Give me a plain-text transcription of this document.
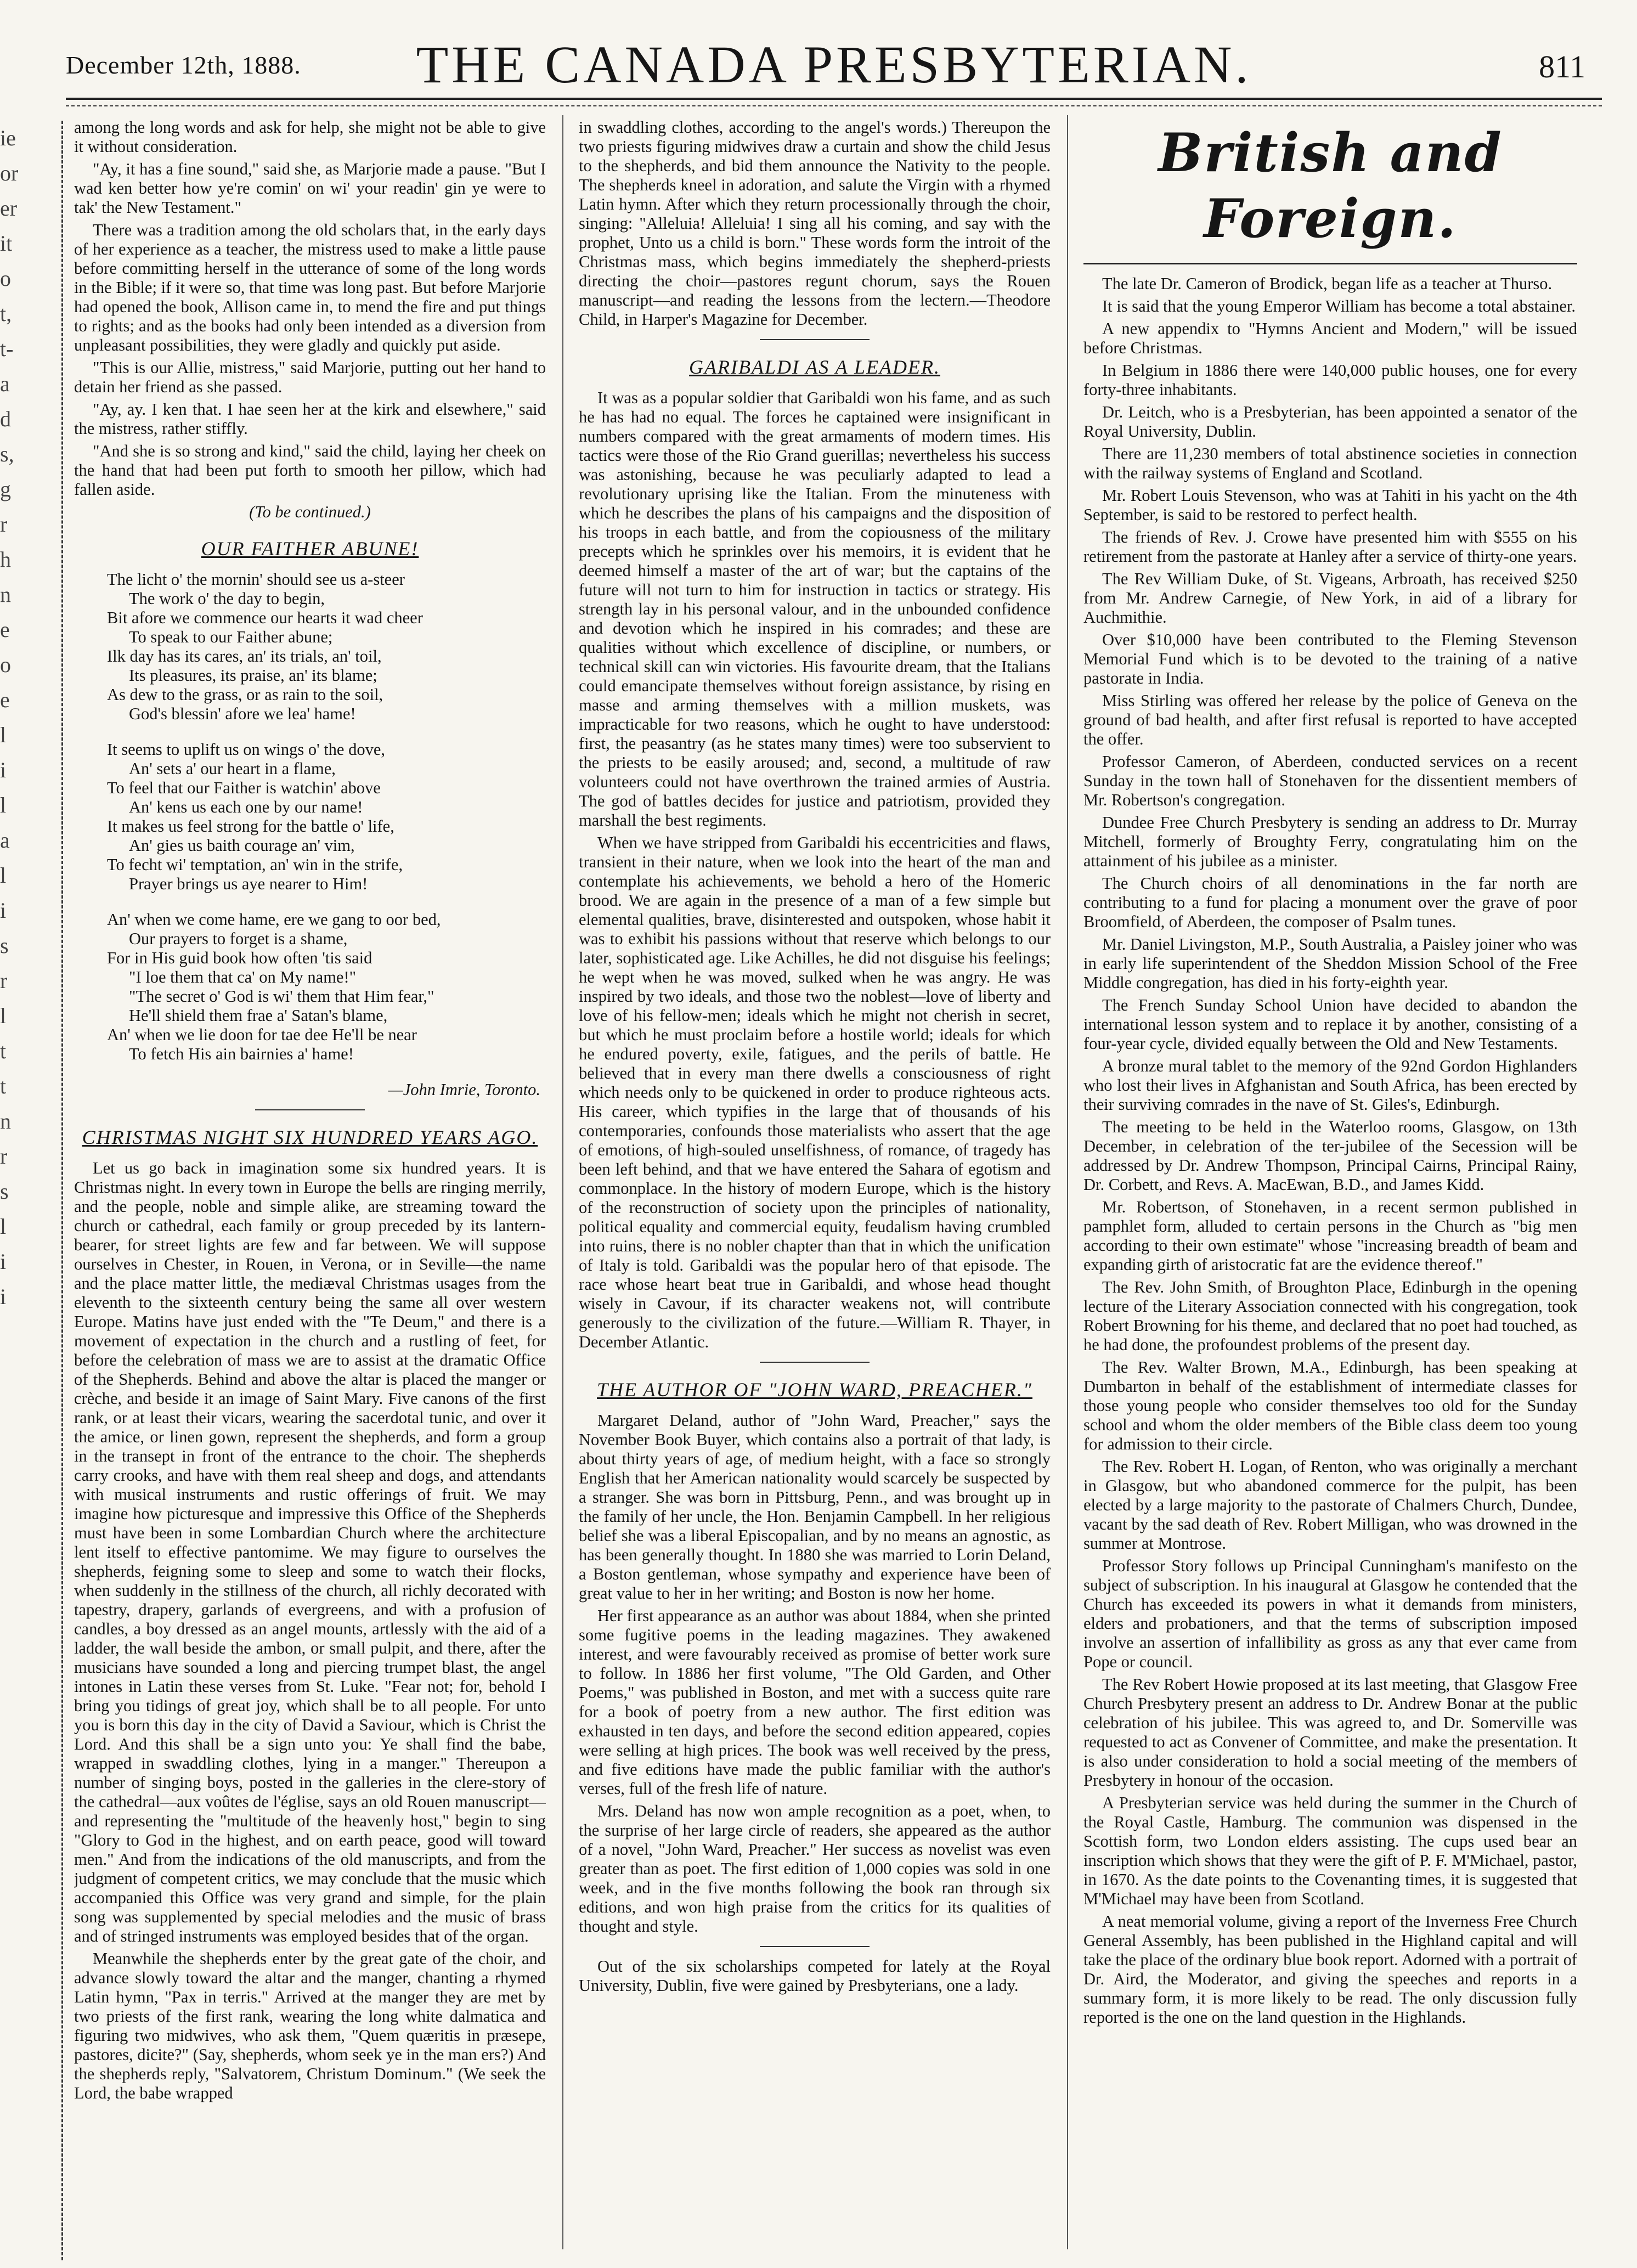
ie
or
er
it
o
t,
t-
a
d
s,
g
r
h
n
e
o
e
l
i
l
a
l
i
s
r
l
t
t
n
r
s
l
i
i
December 12th, 1888.	THE CANADA PRESBYTERIAN.	811

among the long words and ask for help, she might not be able to give it without consideration.

"Ay, it has a fine sound," said she, as Marjorie made a pause. "But I wad ken better how ye're comin' on wi' your readin' gin ye were to tak' the New Testament."

There was a tradition among the old scholars that, in the early days of her experience as a teacher, the mistress used to make a little pause before committing herself in the utterance of some of the long words in the Bible; if it were so, that time was long past. But before Marjorie had opened the book, Allison came in, to mend the fire and put things to rights; and as the books had only been intended as a diversion from unpleasant possibilities, they were gladly and quickly put aside.

"This is our Allie, mistress," said Marjorie, putting out her hand to detain her friend as she passed.

"Ay, ay. I ken that. I hae seen her at the kirk and elsewhere," said the mistress, rather stiffly.

"And she is so strong and kind," said the child, laying her cheek on the hand that had been put forth to smooth her pillow, which had fallen aside.

(To be continued.)
OUR FAITHER ABUNE!
The licht o' the mornin' should see us a-steer
The work o' the day to begin,
Bit afore we commence our hearts it wad cheer
To speak to our Faither abune;
Ilk day has its cares, an' its trials, an' toil,
Its pleasures, its praise, an' its blame;
As dew to the grass, or as rain to the soil,
God's blessin' afore we lea' hame!
It seems to uplift us on wings o' the dove,
An' sets a' our heart in a flame,
To feel that our Faither is watchin' above
An' kens us each one by our name!
It makes us feel strong for the battle o' life,
An' gies us baith courage an' vim,
To fecht wi' temptation, an' win in the strife,
Prayer brings us aye nearer to Him!
An' when we come hame, ere we gang to oor bed,
Our prayers to forget is a shame,
For in His guid book how often 'tis said
"I loe them that ca' on My name!"
"The secret o' God is wi' them that Him fear,"
He'll shield them frae a' Satan's blame,
An' when we lie doon for tae dee He'll be near
To fetch His ain bairnies a' hame!
—John Imrie, Toronto.
CHRISTMAS NIGHT SIX HUNDRED YEARS AGO.

Let us go back in imagination some six hundred years. It is Christmas night. In every town in Europe the bells are ringing merrily, and the people, noble and simple alike, are streaming toward the church or cathedral, each family or group preceded by its lantern-bearer, for street lights are few and far between. We will suppose ourselves in Chester, in Rouen, in Verona, or in Seville—the name and the place matter little, the mediæval Christmas usages from the eleventh to the sixteenth century being the same all over western Europe. Matins have just ended with the "Te Deum," and there is a movement of expectation in the church and a rustling of feet, for before the celebration of mass we are to assist at the dramatic Office of the Shepherds. Behind and above the altar is placed the manger or crèche, and beside it an image of Saint Mary. Five canons of the first rank, or at least their vicars, wearing the sacerdotal tunic, and over it the amice, or linen gown, represent the shepherds, and form a group in the transept in front of the entrance to the choir. The shepherds carry crooks, and have with them real sheep and dogs, and attendants with musical instruments and rustic offerings of fruit. We may imagine how picturesque and impressive this Office of the Shepherds must have been in some Lombardian Church where the architecture lent itself to effective pantomime. We may figure to ourselves the shepherds, feigning some to sleep and some to watch their flocks, when suddenly in the stillness of the church, all richly decorated with tapestry, drapery, garlands of evergreens, and with a profusion of candles, a boy dressed as an angel mounts, artlessly with the aid of a ladder, the wall beside the ambon, or small pulpit, and there, after the musicians have sounded a long and piercing trumpet blast, the angel intones in Latin these verses from St. Luke. "Fear not; for, behold I bring you tidings of great joy, which shall be to all people. For unto you is born this day in the city of David a Saviour, which is Christ the Lord. And this shall be a sign unto you: Ye shall find the babe, wrapped in swaddling clothes, lying in a manger." Thereupon a number of singing boys, posted in the galleries in the clere-story of the cathedral—aux voûtes de l'église, says an old Rouen manuscript—and representing the "multitude of the heavenly host," begin to sing "Glory to God in the highest, and on earth peace, good will toward men." And from the indications of the old manuscripts, and from the judgment of competent critics, we may conclude that the music which accompanied this Office was very grand and simple, for the plain song was supplemented by special melodies and the music of brass and of stringed instruments was employed besides that of the organ.

Meanwhile the shepherds enter by the great gate of the choir, and advance slowly toward the altar and the manger, chanting a rhymed Latin hymn, "Pax in terris." Arrived at the manger they are met by two priests of the first rank, wearing the long white dalmatica and figuring two midwives, who ask them, "Quem quæritis in præsepe, pastores, dicite?" (Say, shepherds, whom seek ye in the man ers?) And the shepherds reply, "Salvatorem, Christum Dominum." (We seek the Lord, the babe wrapped

in swaddling clothes, according to the angel's words.) Thereupon the two priests figuring midwives draw a curtain and show the child Jesus to the shepherds, and bid them announce the Nativity to the people. The shepherds kneel in adoration, and salute the Virgin with a rhymed Latin hymn. After which they return processionally through the choir, singing: "Alleluia! Alleluia! I sing all his coming, and say with the prophet, Unto us a child is born." These words form the introit of the Christmas mass, which begins immediately the shepherd-priests directing the choir—pastores regunt chorum, says the Rouen manuscript—and reading the lessons from the lectern.—Theodore Child, in Harper's Magazine for December.

GARIBALDI AS A LEADER.

It was as a popular soldier that Garibaldi won his fame, and as such he has had no equal. The forces he captained were insignificant in numbers compared with the great armaments of modern times. His tactics were those of the Rio Grand guerillas; nevertheless his success was astonishing, because he was peculiarly adapted to lead a revolutionary uprising like the Italian. From the minuteness with which he describes the plans of his campaigns and the disposition of his troops in each battle, and from the copiousness of the military precepts which he sprinkles over his memoirs, it is evident that he deemed himself a master of the art of war; but the captains of the future will not turn to him for instruction in tactics or strategy. His strength lay in his personal valour, and in the unbounded confidence and devotion which he inspired in his comrades; and these are qualities without which excellence of discipline, or numbers, or technical skill can win victories. His favourite dream, that the Italians could emancipate themselves without foreign assistance, by rising en masse and arming themselves with a million muskets, was impracticable for two reasons, which he ought to have understood: first, the peasantry (as he states many times) were too subservient to the priests to be easily aroused; and, second, a multitude of raw volunteers could not have overthrown the trained armies of Austria. The god of battles decides for justice and patriotism, provided they marshall the best regiments.

When we have stripped from Garibaldi his eccentricities and flaws, transient in their nature, when we look into the heart of the man and contemplate his achievements, we behold a hero of the Homeric brood. We are again in the presence of a man of a few simple but elemental qualities, brave, disinterested and outspoken, whose habit it was to exhibit his passions without that reserve which belongs to our later, sophisticated age. Like Achilles, he did not disguise his feelings; he wept when he was moved, sulked when he was angry. He was inspired by two ideals, and those two the noblest—love of liberty and love of his fellow-men; ideals which he might not cherish in secret, but which he must proclaim before a hostile world; ideals for which he endured poverty, exile, fatigues, and the perils of battle. He believed that in every man there dwells a consciousness of right which needs only to be quickened in order to produce righteous acts. His career, which typifies in the large that of thousands of his contemporaries, confounds those materialists who assert that the age of emotions, of high-souled unselfishness, of romance, of tragedy has been left behind, and that we have entered the Sahara of egotism and commonplace. In the history of modern Europe, which is the history of the reconstruction of society upon the principles of nationality, political equality and commercial equity, feudalism having crumbled into ruins, there is no nobler chapter than that in which the unification of Italy is told. Garibaldi was the popular hero of that episode. The race whose heart beat true in Garibaldi, and whose head thought wisely in Cavour, if its character weakens not, will contribute generously to the civilization of the future.—William R. Thayer, in December Atlantic.

THE AUTHOR OF "JOHN WARD, PREACHER."

Margaret Deland, author of "John Ward, Preacher," says the November Book Buyer, which contains also a portrait of that lady, is about thirty years of age, of medium height, with a face so strongly English that her American nationality would scarcely be suspected by a stranger. She was born in Pittsburg, Penn., and was brought up in the family of her uncle, the Hon. Benjamin Campbell. In her religious belief she was a liberal Episcopalian, and by no means an agnostic, as has been generally thought. In 1880 she was married to Lorin Deland, a Boston gentleman, whose sympathy and experience have been of great value to her in her writing; and Boston is now her home.

Her first appearance as an author was about 1884, when she printed some fugitive poems in the leading magazines. They awakened interest, and were favourably received as promise of better work sure to follow. In 1886 her first volume, "The Old Garden, and Other Poems," was published in Boston, and met with a success quite rare for a book of poetry from a new author. The first edition was exhausted in ten days, and before the second edition appeared, copies were selling at high prices. The book was well received by the press, and five editions have made the public familiar with the author's verses, full of the fresh life of nature.

Mrs. Deland has now won ample recognition as a poet, when, to the surprise of her large circle of readers, she appeared as the author of a novel, "John Ward, Preacher." Her success as novelist was even greater than as poet. The first edition of 1,000 copies was sold in one week, and in the five months following the book ran through six editions, and won high praise from the critics for its qualities of thought and style.

Out of the six scholarships competed for lately at the Royal University, Dublin, five were gained by Presbyterians, one a lady.

British and Foreign.

The late Dr. Cameron of Brodick, began life as a teacher at Thurso.

It is said that the young Emperor William has become a total abstainer.

A new appendix to "Hymns Ancient and Modern," will be issued before Christmas.

In Belgium in 1886 there were 140,000 public houses, one for every forty-three inhabitants.

Dr. Leitch, who is a Presbyterian, has been appointed a senator of the Royal University, Dublin.

There are 11,230 members of total abstinence societies in connection with the railway systems of England and Scotland.

Mr. Robert Louis Stevenson, who was at Tahiti in his yacht on the 4th September, is said to be restored to perfect health.

The friends of Rev. J. Crowe have presented him with $555 on his retirement from the pastorate at Hanley after a service of thirty-one years.

The Rev William Duke, of St. Vigeans, Arbroath, has received $250 from Mr. Andrew Carnegie, of New York, in aid of a library for Auchmithie.

Over $10,000 have been contributed to the Fleming Stevenson Memorial Fund which is to be devoted to the training of a native pastorate in India.

Miss Stirling was offered her release by the police of Geneva on the ground of bad health, and after first refusal is reported to have accepted the offer.

Professor Cameron, of Aberdeen, conducted services on a recent Sunday in the town hall of Stonehaven for the dissentient members of Mr. Robertson's congregation.

Dundee Free Church Presbytery is sending an address to Dr. Murray Mitchell, formerly of Broughty Ferry, congratulating him on the attainment of his jubilee as a minister.

The Church choirs of all denominations in the far north are contributing to a fund for placing a monument over the grave of poor Broomfield, of Aberdeen, the composer of Psalm tunes.

Mr. Daniel Livingston, M.P., South Australia, a Paisley joiner who was in early life superintendent of the Sheddon Mission School of the Free Middle congregation, has died in his forty-eighth year.

The French Sunday School Union have decided to abandon the international lesson system and to replace it by another, consisting of a four-year cycle, divided equally between the Old and New Testaments.

A bronze mural tablet to the memory of the 92nd Gordon Highlanders who lost their lives in Afghanistan and South Africa, has been erected by their surviving comrades in the nave of St. Giles's, Edinburgh.

The meeting to be held in the Waterloo rooms, Glasgow, on 13th December, in celebration of the ter-jubilee of the Secession will be addressed by Dr. Andrew Thompson, Principal Cairns, Principal Rainy, Dr. Corbett, and Revs. A. MacEwan, B.D., and James Kidd.

Mr. Robertson, of Stonehaven, in a recent sermon published in pamphlet form, alluded to certain persons in the Church as "big men according to their own estimate" whose "increasing breadth of beam and expanding girth of aristocratic fat are the evidence thereof."

The Rev. John Smith, of Broughton Place, Edinburgh in the opening lecture of the Literary Association connected with his congregation, took Robert Browning for his theme, and declared that no poet had touched, as he had done, the profoundest problems of the present day.

The Rev. Walter Brown, M.A., Edinburgh, has been speaking at Dumbarton in behalf of the establishment of intermediate classes for those young people who consider themselves too old for the Sunday school and whom the older members of the Bible class deem too young for admission to their circle.

The Rev. Robert H. Logan, of Renton, who was originally a merchant in Glasgow, but who abandoned commerce for the pulpit, has been elected by a large majority to the pastorate of Chalmers Church, Dundee, vacant by the sad death of Rev. Robert Milligan, who was drowned in the summer at Montrose.

Professor Story follows up Principal Cunningham's manifesto on the subject of subscription. In his inaugural at Glasgow he contended that the Church has exceeded its powers in what it demands from ministers, elders and probationers, and that the terms of subscription imposed involve an assertion of infallibility as gross as any that ever came from Pope or council.

The Rev Robert Howie proposed at its last meeting, that Glasgow Free Church Presbytery present an address to Dr. Andrew Bonar at the public celebration of his jubilee. This was agreed to, and Dr. Somerville was requested to act as Convener of Committee, and make the presentation. It is also under consideration to hold a social meeting of the members of Presbytery in honour of the occasion.

A Presbyterian service was held during the summer in the Church of the Royal Castle, Hamburg. The communion was dispensed in the Scottish form, two London elders assisting. The cups used bear an inscription which shows that they were the gift of P. F. M'Michael, pastor, in 1670. As the date points to the Covenanting times, it is suggested that M'Michael may have been from Scotland.

A neat memorial volume, giving a report of the Inverness Free Church General Assembly, has been published in the Highland capital and will take the place of the ordinary blue book report. Adorned with a portrait of Dr. Aird, the Moderator, and giving the speeches and reports in a summary form, it is more likely to be read. The only discussion fully reported is the one on the land question in the Highlands.
